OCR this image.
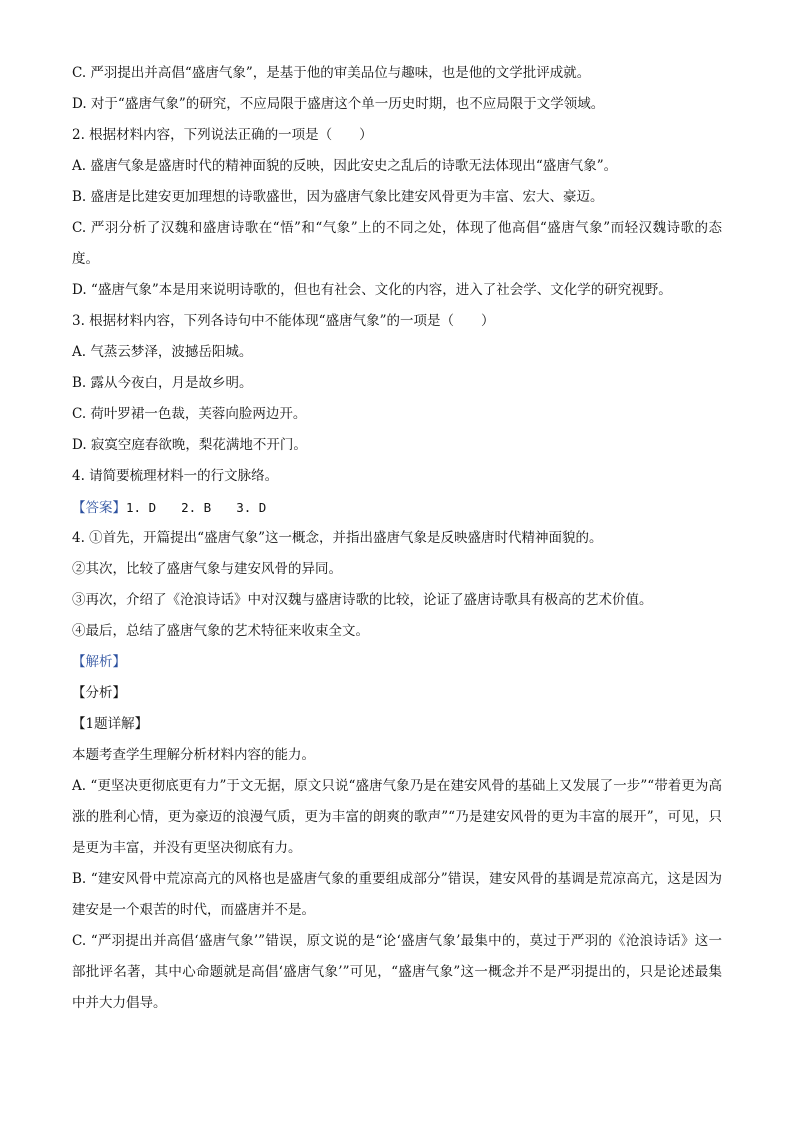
C. 严羽提出并高倡“盛唐气象”，是基于他的审美品位与趣味，也是他的文学批评成就。
D. 对于“盛唐气象”的研究，不应局限于盛唐这个单一历史时期，也不应局限于文学领域。
2. 根据材料内容，下列说法正确的一项是（　　）
A. 盛唐气象是盛唐时代的精神面貌的反映，因此安史之乱后的诗歌无法体现出“盛唐气象”。
B. 盛唐是比建安更加理想的诗歌盛世，因为盛唐气象比建安风骨更为丰富、宏大、豪迈。
C. 严羽分析了汉魏和盛唐诗歌在“悟”和“气象”上的不同之处，体现了他高倡“盛唐气象”而轻汉魏诗歌的态度。
D. “盛唐气象”本是用来说明诗歌的，但也有社会、文化的内容，进入了社会学、文化学的研究视野。
3. 根据材料内容，下列各诗句中不能体现“盛唐气象”的一项是（　　）
A. 气蒸云梦泽，波撼岳阳城。
B. 露从今夜白，月是故乡明。
C. 荷叶罗裙一色裁，芙蓉向脸两边开。
D. 寂寞空庭春欲晚，梨花满地不开门。
4. 请简要梳理材料一的行文脉络。
【答案】1. D　　2. B　　3. D
4. ①首先，开篇提出“盛唐气象”这一概念，并指出盛唐气象是反映盛唐时代精神面貌的。
②其次，比较了盛唐气象与建安风骨的异同。
③再次，介绍了《沧浪诗话》中对汉魏与盛唐诗歌的比较，论证了盛唐诗歌具有极高的艺术价值。
④最后，总结了盛唐气象的艺术特征来收束全文。
【解析】
【分析】
【1题详解】
本题考查学生理解分析材料内容的能力。
A. “更坚决更彻底更有力”于文无据，原文只说“盛唐气象乃是在建安风骨的基础上又发展了一步”“带着更为高涨的胜利心情，更为豪迈的浪漫气质，更为丰富的朗爽的歌声”“乃是建安风骨的更为丰富的展开”，可见，只是更为丰富，并没有更坚决彻底有力。
B. “建安风骨中荒凉高亢的风格也是盛唐气象的重要组成部分”错误，建安风骨的基调是荒凉高亢，这是因为建安是一个艰苦的时代，而盛唐并不是。
C. “严羽提出并高倡‘盛唐气象’”错误，原文说的是“论‘盛唐气象’最集中的，莫过于严羽的《沧浪诗话》这一部批评名著，其中心命题就是高倡‘盛唐气象’”可见，“盛唐气象”这一概念并不是严羽提出的，只是论述最集中并大力倡导。
